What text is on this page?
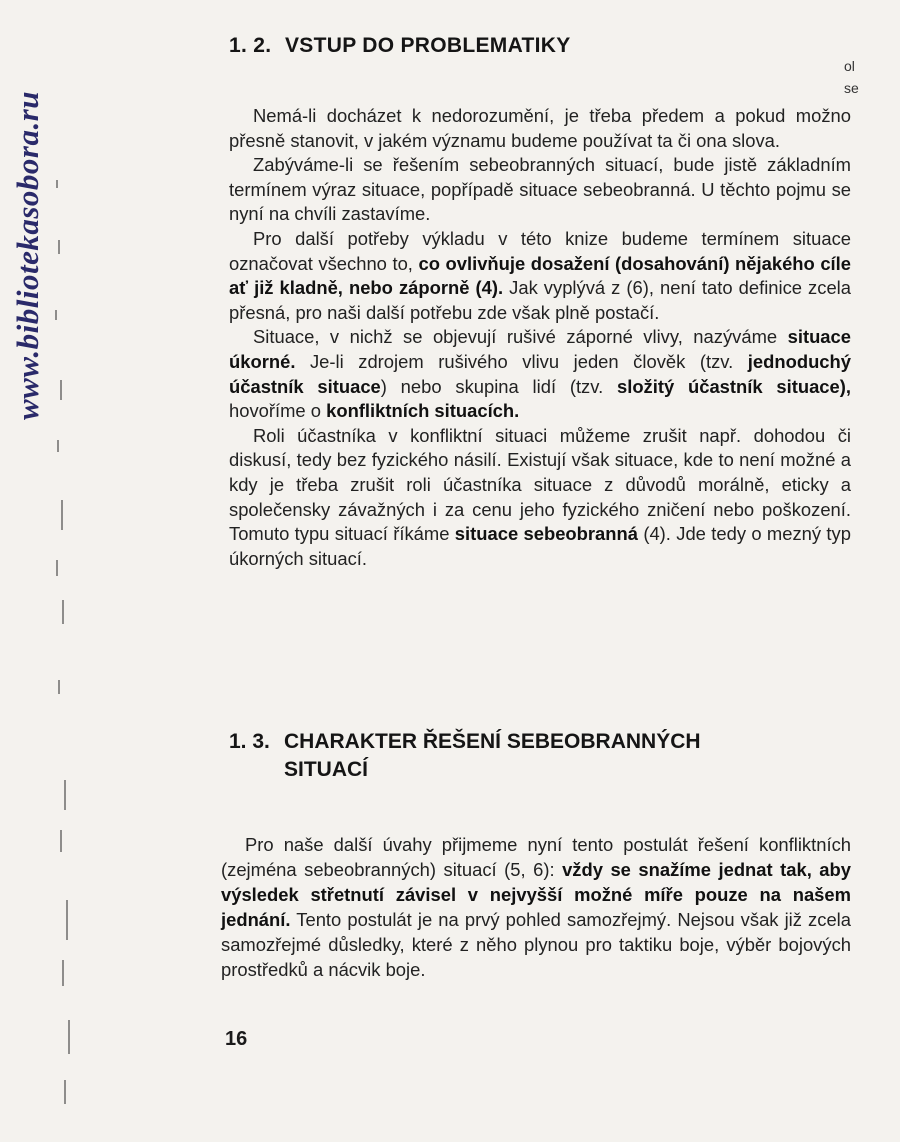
www.bibliotekasobora.ru
1. 2. VSTUP DO PROBLEMATIKY
ol
se

Nemá-li docházet k nedorozumění, je třeba předem a pokud možno přesně stanovit, v jakém významu budeme používat ta či ona slova.

Zabýváme-li se řešením sebeobranných situací, bude jistě základním termínem výraz situace, popřípadě situace sebeobranná. U těchto pojmu se nyní na chvíli zastavíme.

Pro další potřeby výkladu v této knize budeme termínem situace označovat všechno to, co ovlivňuje dosažení (dosahování) nějakého cíle ať již kladně, nebo záporně (4). Jak vyplývá z (6), není tato definice zcela přesná, pro naši další potřebu zde však plně postačí.

Situace, v nichž se objevují rušivé záporné vlivy, nazýváme situace úkorné. Je-li zdrojem rušivého vlivu jeden člověk (tzv. jednoduchý účastník situace) nebo skupina lidí (tzv. složitý účastník situace), hovoříme o konfliktních situacích.

Roli účastníka v konfliktní situaci můžeme zrušit např. dohodou či diskusí, tedy bez fyzického násilí. Existují však situace, kde to není možné a kdy je třeba zrušit roli účastníka situace z důvodů morálně, eticky a společensky závažných i za cenu jeho fyzického zničení nebo poškození. Tomuto typu situací říkáme situace sebeobranná (4). Jde tedy o mezný typ úkorných situací.

1. 3. CHARAKTER ŘEŠENÍ SEBEOBRANNÝCH
SITUACÍ

Pro naše další úvahy přijmeme nyní tento postulát řešení konfliktních (zejména sebeobranných) situací (5, 6): vždy se snažíme jednat tak, aby výsledek střetnutí závisel v nejvyšší možné míře pouze na našem jednání. Tento postulát je na prvý pohled samozřejmý. Nejsou však již zcela samozřejmé důsledky, které z něho plynou pro taktiku boje, výběr bojových prostředků a nácvik boje.

16
